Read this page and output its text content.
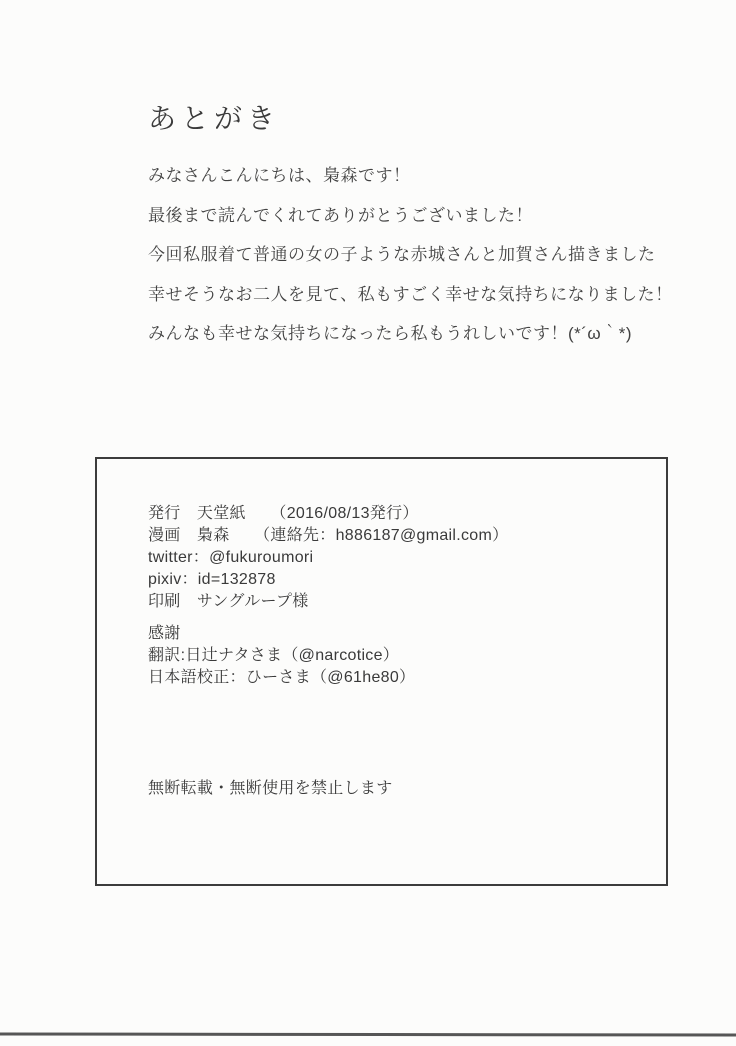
あとがき

みなさんこんにちは、梟森です！

最後まで読んでくれてありがとうございました！

今回私服着て普通の女の子ような赤城さんと加賀さん描きました

幸せそうなお二人を見て、私もすごく幸せな気持ちになりました！

みんなも幸せな気持ちになったら私もうれしいです！(*´ω｀*)

発行　天堂紙　　（2016/08/13発行）

漫画　梟森　　（連絡先：h886187@gmail.com）

twitter：@fukuroumori

pixiv：id=132878

印刷　サングループ様

感謝

翻訳:日辻ナタさま（@narcotice）

日本語校正：ひーさま（@61he80）

無断転載・無断使用を禁止します
